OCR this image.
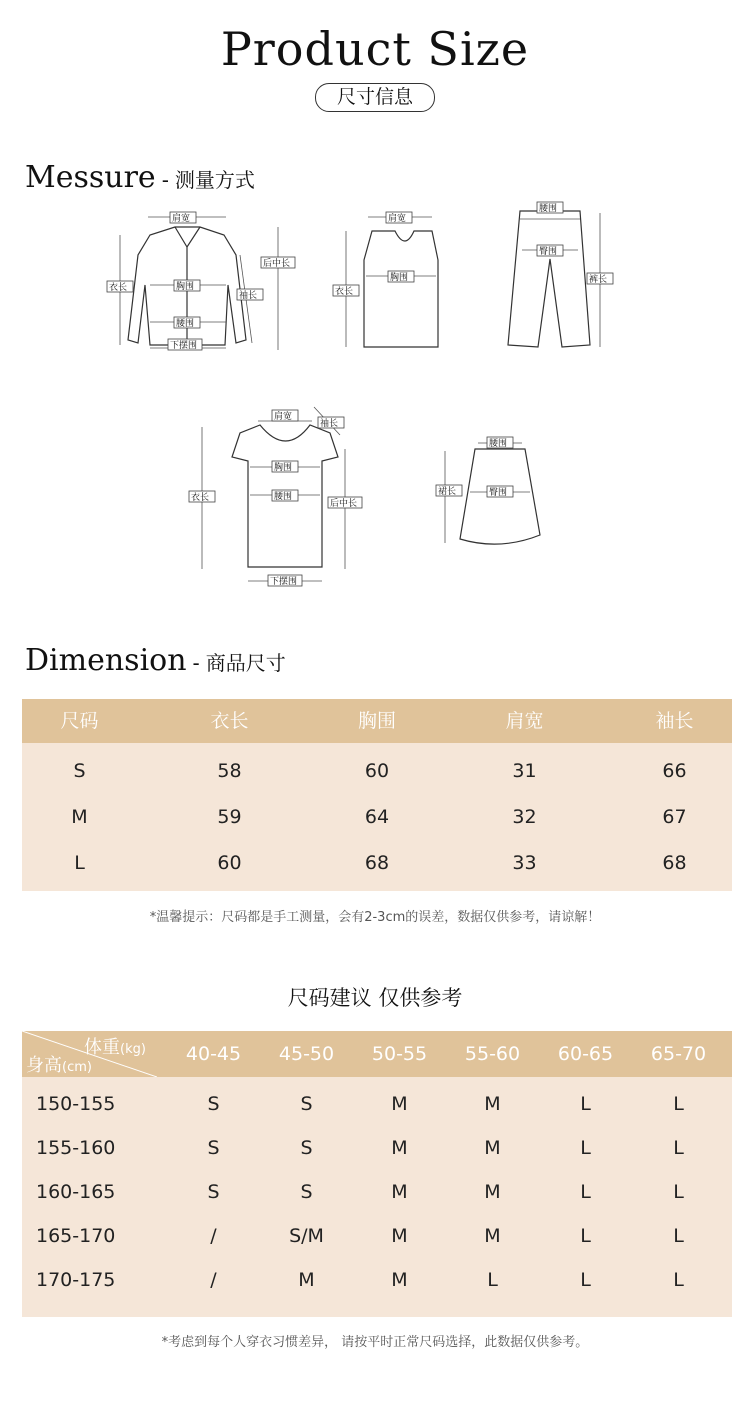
Product Size
尺寸信息
Messure - 测量方式
肩宽
衣长
后中长
袖长
胸围
腰围
下摆围
肩宽
衣长
胸围
腰围
臀围
裤长
肩宽
袖长
胸围
腰围
衣长
后中长
下摆围
腰围
裙长	臀围
Dimension - 商品尺寸
尺码	衣长	胸围	肩宽	袖长
S	58	60	31	66
M	59	64	32	67
L	60	68	33	68
*温馨提示：尺码都是手工测量，会有2-3cm的误差，数据仅供参考，请谅解！
尺码建议 仅供参考
体重(kg)
身高(cm)
40-45	45-50	50-55	55-60	60-65	65-70
150-155	S	S	M	M	L	L
155-160	S	S	M	M	L	L
160-165	S	S	M	M	L	L
165-170	/	S/M	M	M	L	L
170-175	/	M	M	L	L	L
*考虑到每个人穿衣习惯差异， 请按平时正常尺码选择，此数据仅供参考。
